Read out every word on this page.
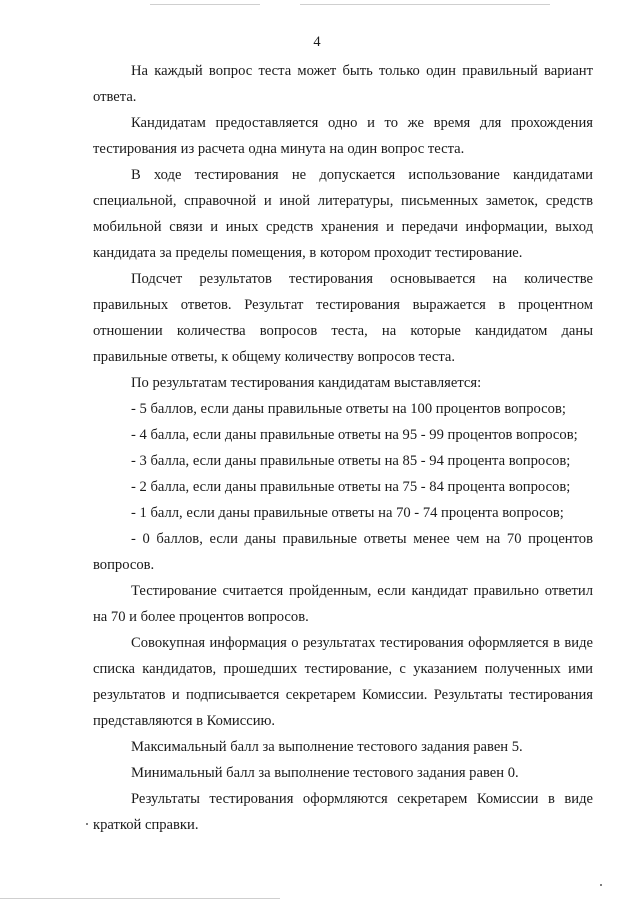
4

На каждый вопрос теста может быть только один правильный вариант ответа.

Кандидатам предоставляется одно и то же время для прохождения тестирования из расчета одна минута на один вопрос теста.

В ходе тестирования не допускается использование кандидатами специальной, справочной и иной литературы, письменных заметок, средств мобильной связи и иных средств хранения и передачи информации, выход кандидата за пределы помещения, в котором проходит тестирование.

Подсчет результатов тестирования основывается на количестве правильных ответов. Результат тестирования выражается в процентном отношении количества вопросов теста, на которые кандидатом даны правильные ответы, к общему количеству вопросов теста.

По результатам тестирования кандидатам выставляется:

- 5 баллов, если даны правильные ответы на 100 процентов вопросов;

- 4 балла, если даны правильные ответы на 95 - 99 процентов вопросов;

- 3 балла, если даны правильные ответы на 85 - 94 процента вопросов;

- 2 балла, если даны правильные ответы на 75 - 84 процента вопросов;

- 1 балл, если даны правильные ответы на 70 - 74 процента вопросов;

- 0 баллов, если даны правильные ответы менее чем на 70 процентов вопросов.

Тестирование считается пройденным, если кандидат правильно ответил на 70 и более процентов вопросов.

Совокупная информация о результатах тестирования оформляется в виде списка кандидатов, прошедших тестирование, с указанием полученных ими результатов и подписывается секретарем Комиссии. Результаты тестирования представляются в Комиссию.

Максимальный балл за выполнение тестового задания равен 5.

Минимальный балл за выполнение тестового задания равен 0.

Результаты тестирования оформляются секретарем Комиссии в виде краткой справки.
